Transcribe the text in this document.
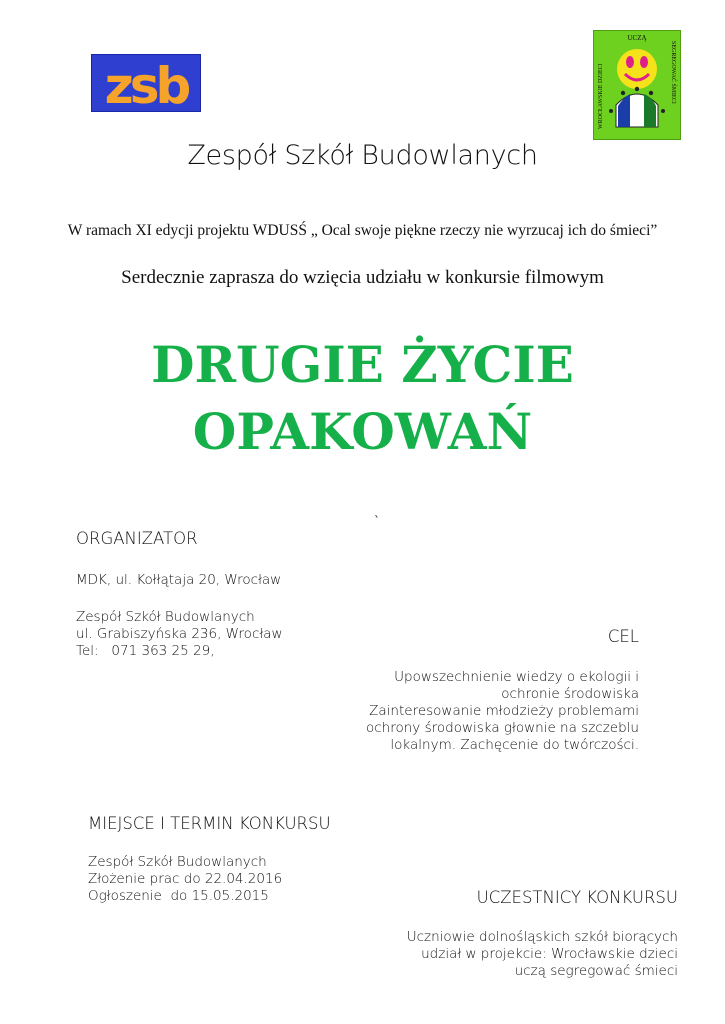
zsb
UCZĄ
WROCŁAWSKIE DZIECI	SEGREGOWAĆ ŚMIECI
Zespół Szkół Budowlanych
W ramach XI edycji projektu WDUSŚ „ Ocal swoje piękne rzeczy nie wyrzucaj ich do śmieci”
Serdecznie zaprasza do wzięcia udziału w konkursie filmowym
DRUGIE ŻYCIE
OPAKOWAŃ
`
ORGANIZATOR
MDK, ul. Kołłątaja 20, Wrocław
Zespół Szkół Budowlanych
ul. Grabiszyńska 236, Wrocław
Tel:   071 363 25 29,
CEL
Upowszechnienie wiedzy o ekologii i
ochronie środowiska
Zainteresowanie młodzieży problemami
ochrony środowiska głownie na szczeblu
lokalnym. Zachęcenie do twórczości.
MIEJSCE I TERMIN KONKURSU
Zespół Szkół Budowlanych
Złożenie prac do 22.04.2016
Ogłoszenie  do 15.05.2015	UCZESTNICY KONKURSU
Uczniowie dolnośląskich szkół biorących
udział w projekcie: Wrocławskie dzieci
uczą segregować śmieci
